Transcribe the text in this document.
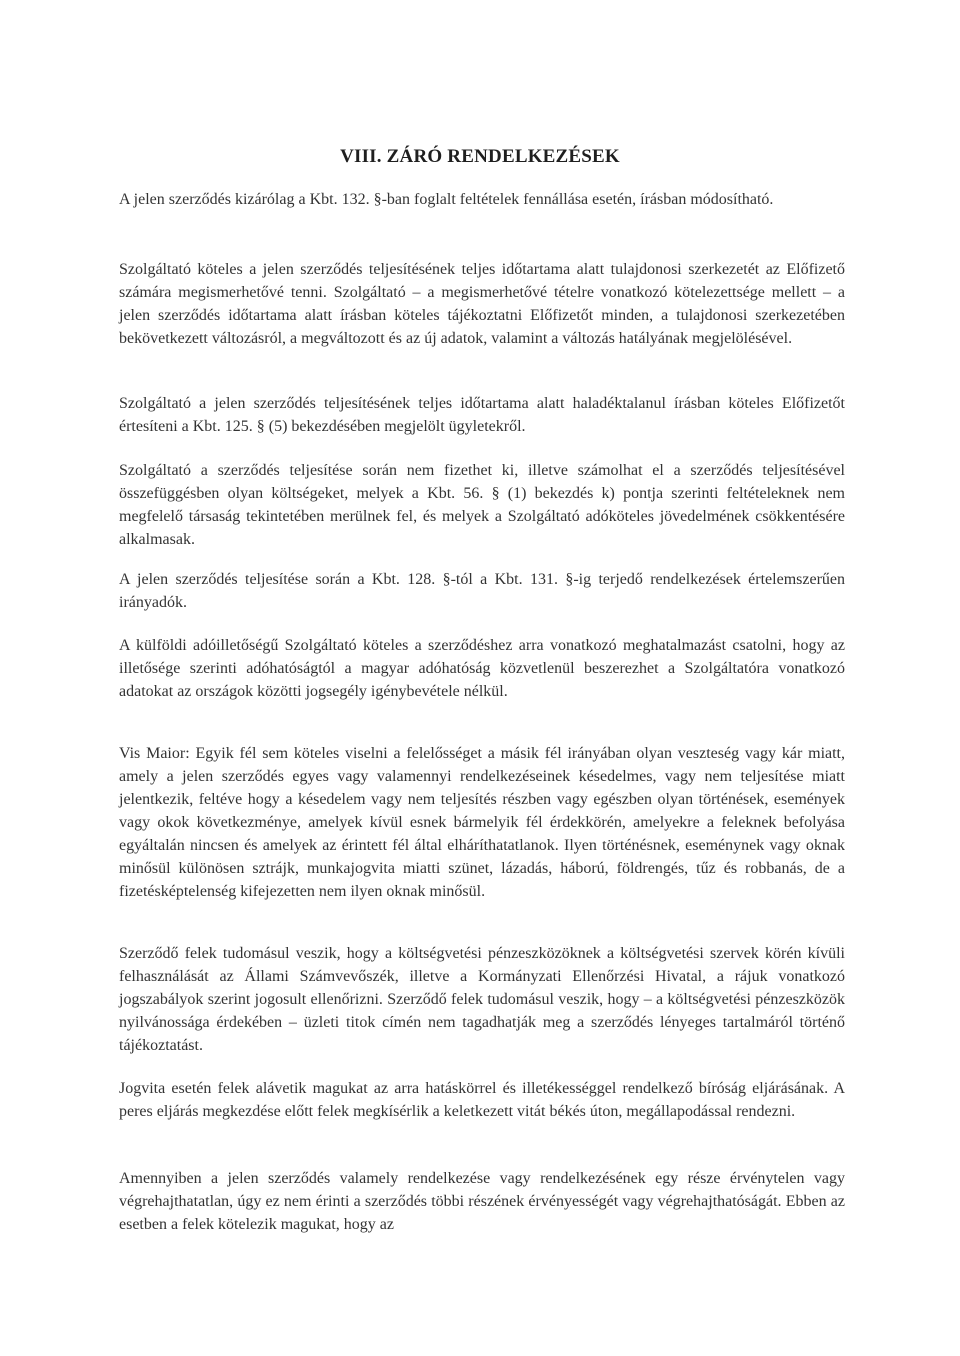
VIII. ZÁRÓ RENDELKEZÉSEK

A jelen szerződés kizárólag a Kbt. 132. §-ban foglalt feltételek fennállása esetén, írásban módosítható.

Szolgáltató köteles a jelen szerződés teljesítésének teljes időtartama alatt tulajdonosi szerkezetét az Előfizető számára megismerhetővé tenni. Szolgáltató – a megismerhetővé tételre vonatkozó kötelezettsége mellett – a jelen szerződés időtartama alatt írásban köteles tájékoztatni Előfizetőt minden, a tulajdonosi szerkezetében bekövetkezett változásról, a megváltozott és az új adatok, valamint a változás hatályának megjelölésével.

Szolgáltató a jelen szerződés teljesítésének teljes időtartama alatt haladéktalanul írásban köteles Előfizetőt értesíteni a Kbt. 125. § (5) bekezdésében megjelölt ügyletekről.

Szolgáltató a szerződés teljesítése során nem fizethet ki, illetve számolhat el a szerződés teljesítésével összefüggésben olyan költségeket, melyek a Kbt. 56. § (1) bekezdés k) pontja szerinti feltételeknek nem megfelelő társaság tekintetében merülnek fel, és melyek a Szolgáltató adóköteles jövedelmének csökkentésére alkalmasak.

A jelen szerződés teljesítése során a Kbt. 128. §-tól a Kbt. 131. §-ig terjedő rendelkezések értelemszerűen irányadók.

A külföldi adóilletőségű Szolgáltató köteles a szerződéshez arra vonatkozó meghatalmazást csatolni, hogy az illetősége szerinti adóhatóságtól a magyar adóhatóság közvetlenül beszerezhet a Szolgáltatóra vonatkozó adatokat az országok közötti jogsegély igénybevétele nélkül.

Vis Maior: Egyik fél sem köteles viselni a felelősséget a másik fél irányában olyan veszteség vagy kár miatt, amely a jelen szerződés egyes vagy valamennyi rendelkezéseinek késedelmes, vagy nem teljesítése miatt jelentkezik, feltéve hogy a késedelem vagy nem teljesítés részben vagy egészben olyan történések, események vagy okok következménye, amelyek kívül esnek bármelyik fél érdekkörén, amelyekre a feleknek befolyása egyáltalán nincsen és amelyek az érintett fél által elháríthatatlanok. Ilyen történésnek, eseménynek vagy oknak minősül különösen sztrájk, munkajogvita miatti szünet, lázadás, háború, földrengés, tűz és robbanás, de a fizetésképtelenség kifejezetten nem ilyen oknak minősül.

Szerződő felek tudomásul veszik, hogy a költségvetési pénzeszközöknek a költségvetési szervek körén kívüli felhasználását az Állami Számvevőszék, illetve a Kormányzati Ellenőrzési Hivatal, a rájuk vonatkozó jogszabályok szerint jogosult ellenőrizni. Szerződő felek tudomásul veszik, hogy – a költségvetési pénzeszközök nyilvánossága érdekében – üzleti titok címén nem tagadhatják meg a szerződés lényeges tartalmáról történő tájékoztatást.

Jogvita esetén felek alávetik magukat az arra hatáskörrel és illetékességgel rendelkező bíróság eljárásának. A peres eljárás megkezdése előtt felek megkísérlik a keletkezett vitát békés úton, megállapodással rendezni.

Amennyiben a jelen szerződés valamely rendelkezése vagy rendelkezésének egy része érvénytelen vagy végrehajthatatlan, úgy ez nem érinti a szerződés többi részének érvényességét vagy végrehajthatóságát. Ebben az esetben a felek kötelezik magukat, hogy az
